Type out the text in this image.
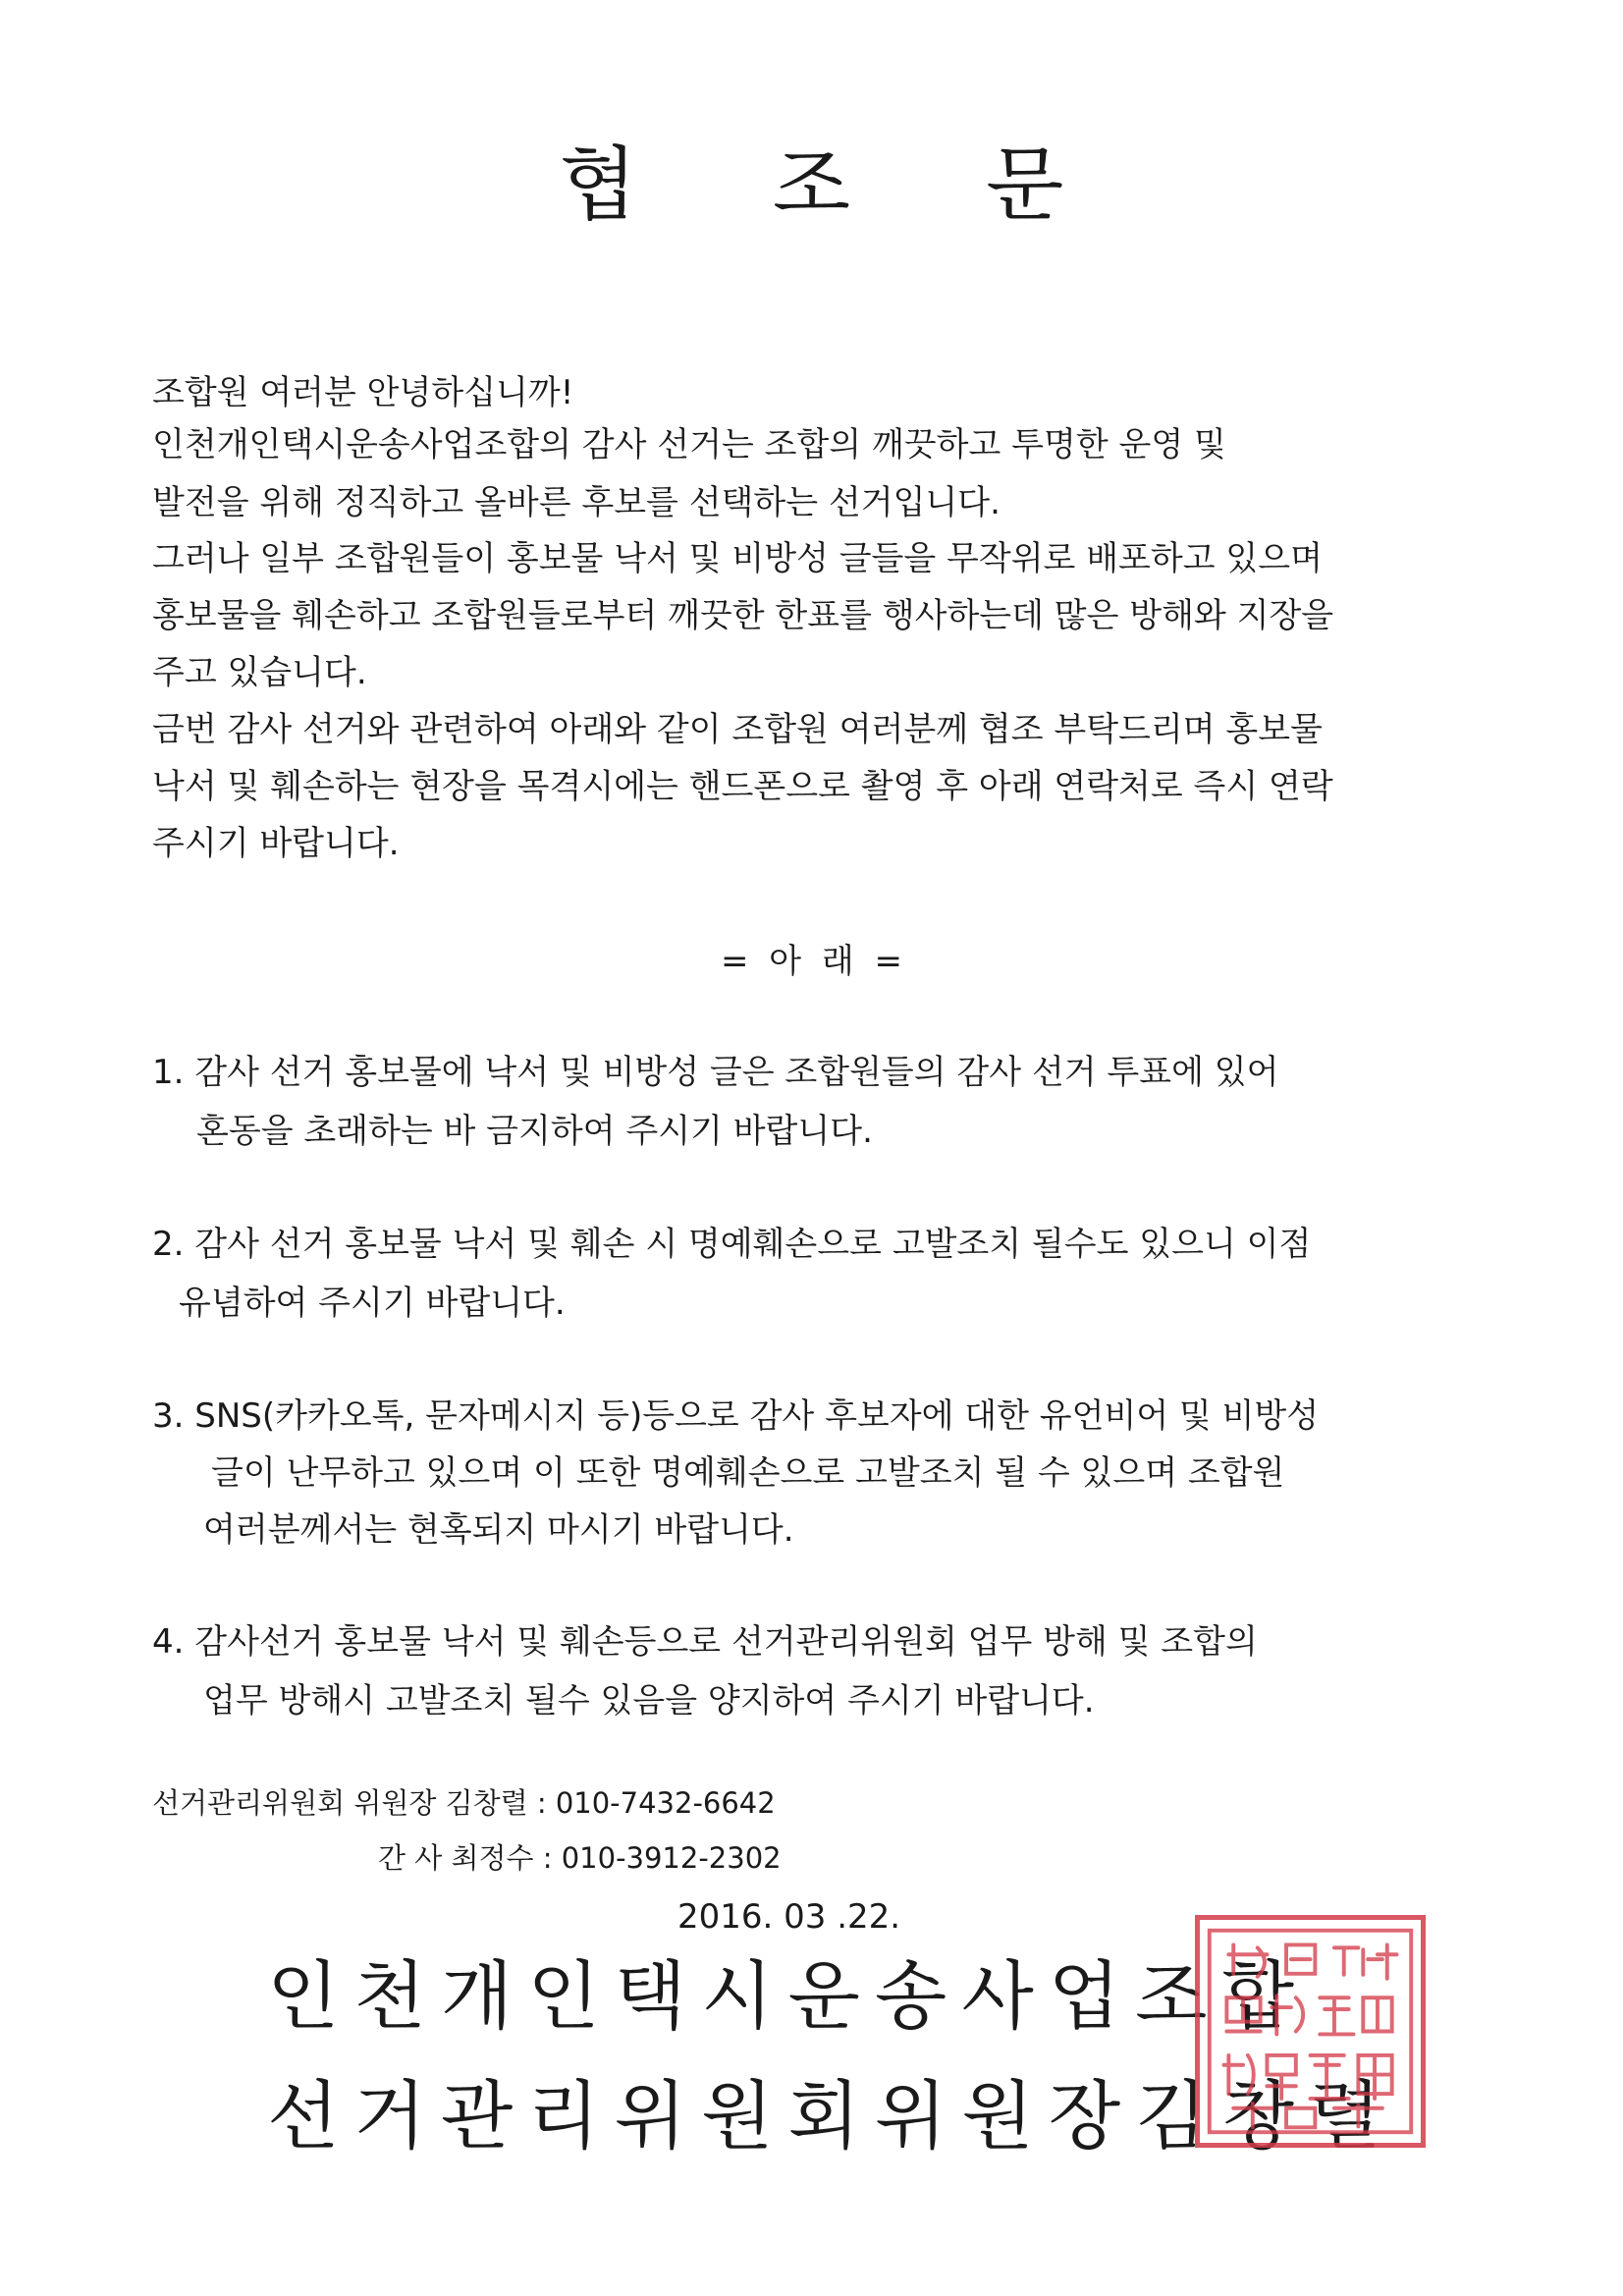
협 조 문
조합원 여러분 안녕하십니까!
인천개인택시운송사업조합의 감사 선거는 조합의 깨끗하고 투명한 운영 및
발전을 위해 정직하고 올바른 후보를 선택하는 선거입니다.
그러나 일부 조합원들이 홍보물 낙서 및 비방성 글들을 무작위로 배포하고 있으며
홍보물을 훼손하고 조합원들로부터 깨끗한 한표를 행사하는데 많은 방해와 지장을
주고 있습니다.
금번 감사 선거와 관련하여 아래와 같이 조합원 여러분께 협조 부탁드리며 홍보물
낙서 및 훼손하는 현장을 목격시에는 핸드폰으로 촬영 후 아래 연락처로 즉시 연락
주시기 바랍니다.
= 아 래 =
1. 감사 선거 홍보물에 낙서 및 비방성 글은 조합원들의 감사 선거 투표에 있어
혼동을 초래하는 바 금지하여 주시기 바랍니다.
2. 감사 선거 홍보물 낙서 및 훼손 시 명예훼손으로 고발조치 될수도 있으니 이점
유념하여 주시기 바랍니다.
3. SNS(카카오톡, 문자메시지 등)등으로 감사 후보자에 대한 유언비어 및 비방성
글이 난무하고 있으며 이 또한 명예훼손으로 고발조치 될 수 있으며 조합원
여러분께서는 현혹되지 마시기 바랍니다.
4. 감사선거 홍보물 낙서 및 훼손등으로 선거관리위원회 업무 방해 및 조합의
업무 방해시 고발조치 될수 있음을 양지하여 주시기 바랍니다.
선거관리위원회 위원장 김창렬 : 010-7432-6642
간 사 최정수 : 010-3912-2302
2016. 03 .22.
인천개인택시운송사업조합
선거관리위원회위원장김창렬
